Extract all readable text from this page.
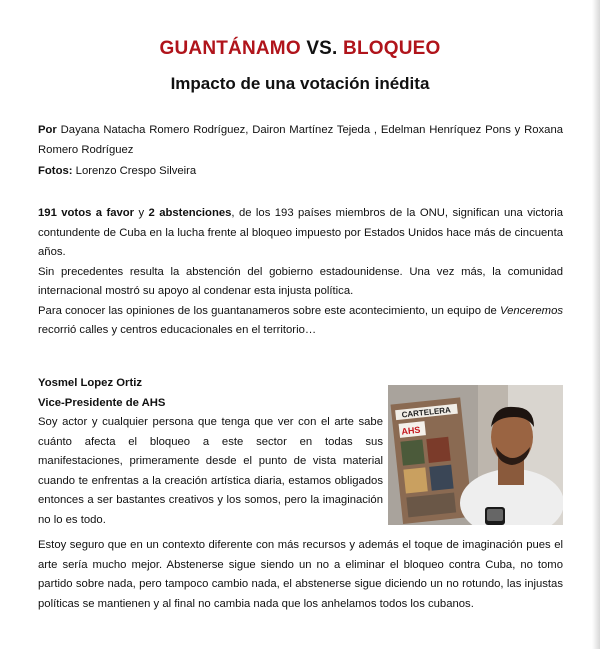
GUANTÁNAMO VS. BLOQUEO
Impacto de una votación inédita
Por Dayana Natacha Romero Rodríguez, Dairon Martínez Tejeda , Edelman Henríquez Pons y Roxana Romero Rodríguez
Fotos: Lorenzo Crespo Silveira

191 votos a favor y 2 abstenciones, de los 193 países miembros de la ONU, significan una victoria contundente de Cuba en la lucha frente al bloqueo impuesto por Estados Unidos hace más de cincuenta años.

Sin precedentes resulta la abstención del gobierno estadounidense. Una vez más, la comunidad internacional mostró su apoyo al condenar esta injusta política.

Para conocer las opiniones de los guantanameros sobre este acontecimiento, un equipo de Venceremos recorrió calles y centros educacionales en el territorio…

Yosmel Lopez Ortiz
Vice-Presidente de AHS
Soy actor y cualquier persona que tenga que ver con el arte sabe cuánto afecta el bloqueo a este sector en todas sus manifestaciones, primeramente desde el punto de vista material cuando te enfrentas a la creación artística diaria, estamos obligados entonces a ser bastantes creativos y los somos, pero la imaginación no lo es todo.
Estoy seguro que en un contexto diferente con más recursos y además el toque de imaginación pues el arte sería mucho mejor. Abstenerse sigue siendo un no a eliminar el bloqueo contra Cuba, no tomo partido sobre nada, pero tampoco cambio nada, el abstenerse sigue diciendo un no rotundo, las injustas políticas se mantienen y al final no cambia nada que los anhelamos todos los cubanos.
CARTELERA
AHS
